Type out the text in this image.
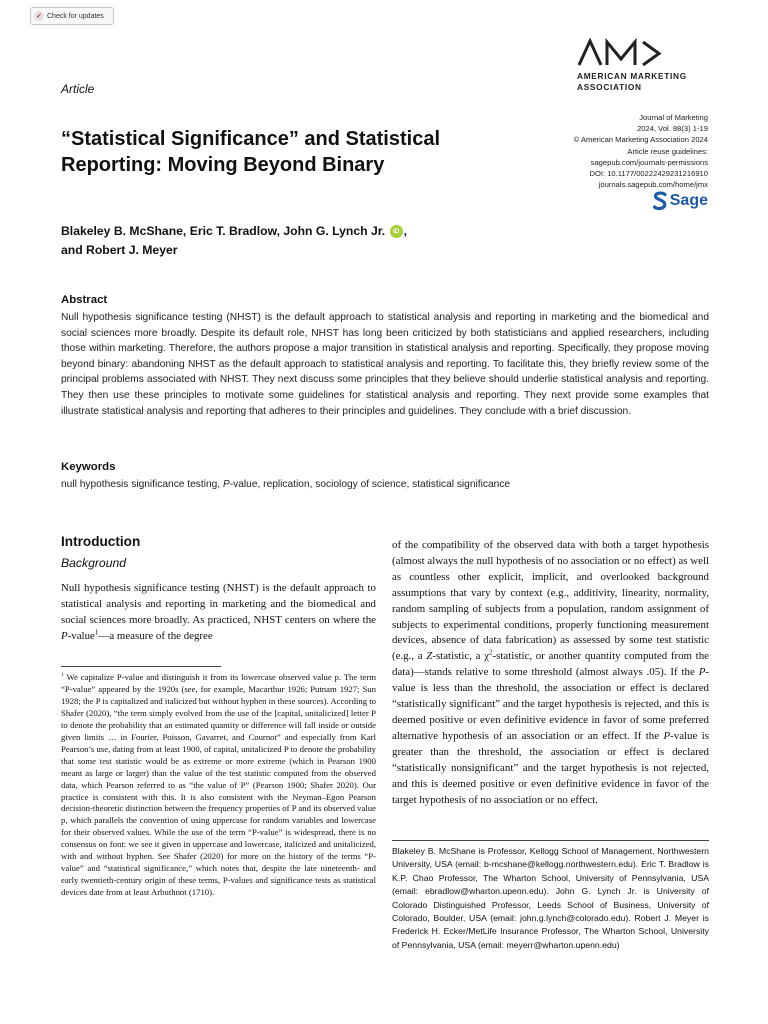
✓ Check for updates
Article
AMERICAN MARKETING
ASSOCIATION
Journal of Marketing
2024, Vol. 88(3) 1-19
© American Marketing Association 2024
Article reuse guidelines:
sagepub.com/journals-permissions
DOI: 10.1177/00222429231216910
journals.sagepub.com/home/jmx
Sage
“Statistical Significance” and Statistical
Reporting: Moving Beyond Binary
Blakeley B. McShane, Eric T. Bradlow, John G. Lynch Jr. iD ,
and Robert J. Meyer
Abstract
Null hypothesis significance testing (NHST) is the default approach to statistical analysis and reporting in marketing and the biomedical and social sciences more broadly. Despite its default role, NHST has long been criticized by both statisticians and applied researchers, including those within marketing. Therefore, the authors propose a major transition in statistical analysis and reporting. Specifically, they propose moving beyond binary: abandoning NHST as the default approach to statistical analysis and reporting. To facilitate this, they briefly review some of the principal problems associated with NHST. They next discuss some principles that they believe should underlie statistical analysis and reporting. They then use these principles to motivate some guidelines for statistical analysis and reporting. They next provide some examples that illustrate statistical analysis and reporting that adheres to their principles and guidelines. They conclude with a brief discussion.
Keywords
null hypothesis significance testing, P-value, replication, sociology of science, statistical significance
Introduction
Background
Null hypothesis significance testing (NHST) is the default approach to statistical analysis and reporting in marketing and the biomedical and social sciences more broadly. As practiced, NHST centers on where the P-value$^1$—a measure of the degree
of the compatibility of the observed data with both a target hypothesis (almost always the null hypothesis of no association or no effect) as well as countless other explicit, implicit, and overlooked background assumptions that vary by context (e.g., additivity, linearity, normality, random sampling of subjects from a population, random assignment of subjects to experimental conditions, properly functioning measurement devices, absence of data fabrication) as assessed by some test statistic (e.g., a Z-statistic, a $\chi^2$-statistic, or another quantity computed from the data)—stands relative to some threshold (almost always .05). If the P-value is less than the threshold, the association or effect is declared “statistically significant” and the target hypothesis is rejected, and this is deemed positive or even definitive evidence in favor of some preferred alternative hypothesis of an association or an effect. If the P-value is greater than the threshold, the association or effect is declared “statistically nonsignificant” and the target hypothesis is not rejected, and this is deemed positive or even definitive evidence in favor of the target hypothesis of no association or no effect.
$^1$ We capitalize P-value and distinguish it from its lowercase observed value p. The term “P-value” appeared by the 1920s (see, for example, Macarthur 1926; Putnam 1927; Sun 1928; the P is capitalized and italicized but without hyphen in these sources). According to Shafer (2020), “the term simply evolved from the use of the [capital, unitalicized] letter P to denote the probability that an estimated quantity or difference will fall inside or outside given limits … in Fourier, Poisson, Gavarret, and Cournot” and especially from Karl Pearson’s use, dating from at least 1900, of capital, unitalicized P to denote the probability that some test statistic would be as extreme or more extreme (which in Pearson 1900 meant as large or larger) than the value of the test statistic computed from the observed data, which Pearson referred to as “the value of P” (Pearson 1900; Shafer 2020). Our practice is consistent with this. It is also consistent with the Neyman–Egon Pearson decision-theoretic distinction between the frequency properties of P and its observed value p, which parallels the convention of using uppercase for random variables and lowercase for their observed values. While the use of the term “P-value” is widespread, there is no consensus on font: we see it given in uppercase and lowercase, italicized and unitalicized, with and without hyphen. See Shafer (2020) for more on the history of the terms “P-value” and “statistical significance,” which notes that, despite the late nineteenth- and early twentieth-century origin of these terms, P-values and significance tests as statistical devices date from at least Arbuthnot (1710).
Blakeley B. McShane is Professor, Kellogg School of Management, Northwestern University, USA (email: b-mcshane@kellogg.northwestern.edu). Eric T. Bradlow is K.P. Chao Professor, The Wharton School, University of Pennsylvania, USA (email: ebradlow@wharton.upenn.edu). John G. Lynch Jr. is University of Colorado Distinguished Professor, Leeds School of Business, University of Colorado, Boulder, USA (email: john.g.lynch@colorado.edu). Robert J. Meyer is Frederick H. Ecker/MetLife Insurance Professor, The Wharton School, University of Pennsylvania, USA (email: meyerr@wharton.upenn.edu)
